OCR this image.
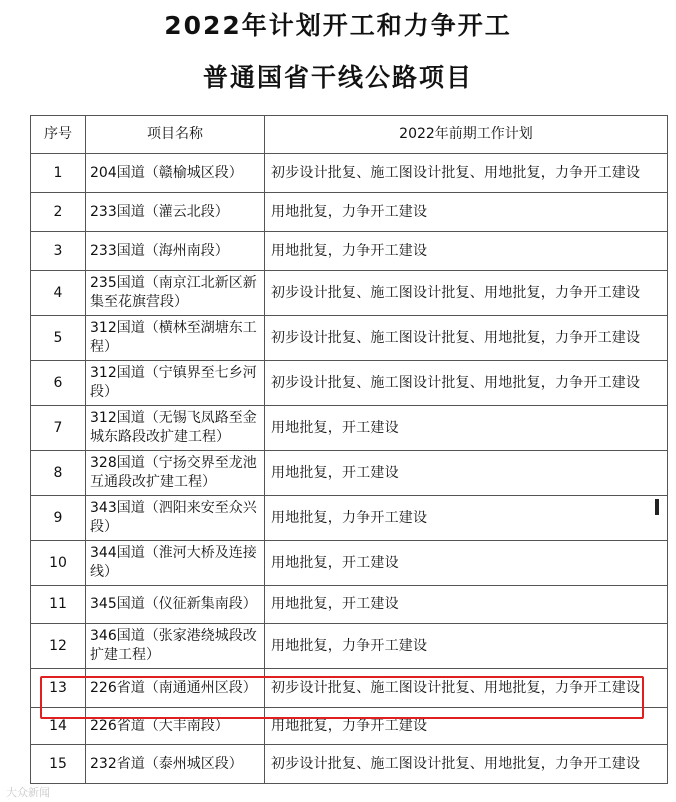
2022年计划开工和力争开工
普通国省干线公路项目
序号	项目名称	2022年前期工作计划
1	204国道（赣榆城区段）	初步设计批复、施工图设计批复、用地批复，力争开工建设
2	233国道（灌云北段）	用地批复，力争开工建设
3	233国道（海州南段）	用地批复，力争开工建设
4	235国道（南京江北新区新集至花旗营段）	初步设计批复、施工图设计批复、用地批复，力争开工建设
5	312国道（横林至湖塘东工程）	初步设计批复、施工图设计批复、用地批复，力争开工建设
6	312国道（宁镇界至七乡河段）	初步设计批复、施工图设计批复、用地批复，力争开工建设
7	312国道（无锡飞凤路至金城东路段改扩建工程）	用地批复，开工建设
8	328国道（宁扬交界至龙池互通段改扩建工程）	用地批复，开工建设
9	343国道（泗阳来安至众兴段）	用地批复，力争开工建设
10	344国道（淮河大桥及连接线）	用地批复，开工建设
11	345国道（仪征新集南段）	用地批复，开工建设
12	346国道（张家港绕城段改扩建工程）	用地批复，力争开工建设
13	226省道（南通通州区段）	初步设计批复、施工图设计批复、用地批复，力争开工建设
14	226省道（大丰南段）	用地批复，力争开工建设
15	232省道（泰州城区段）	初步设计批复、施工图设计批复、用地批复，力争开工建设
大众新闻
